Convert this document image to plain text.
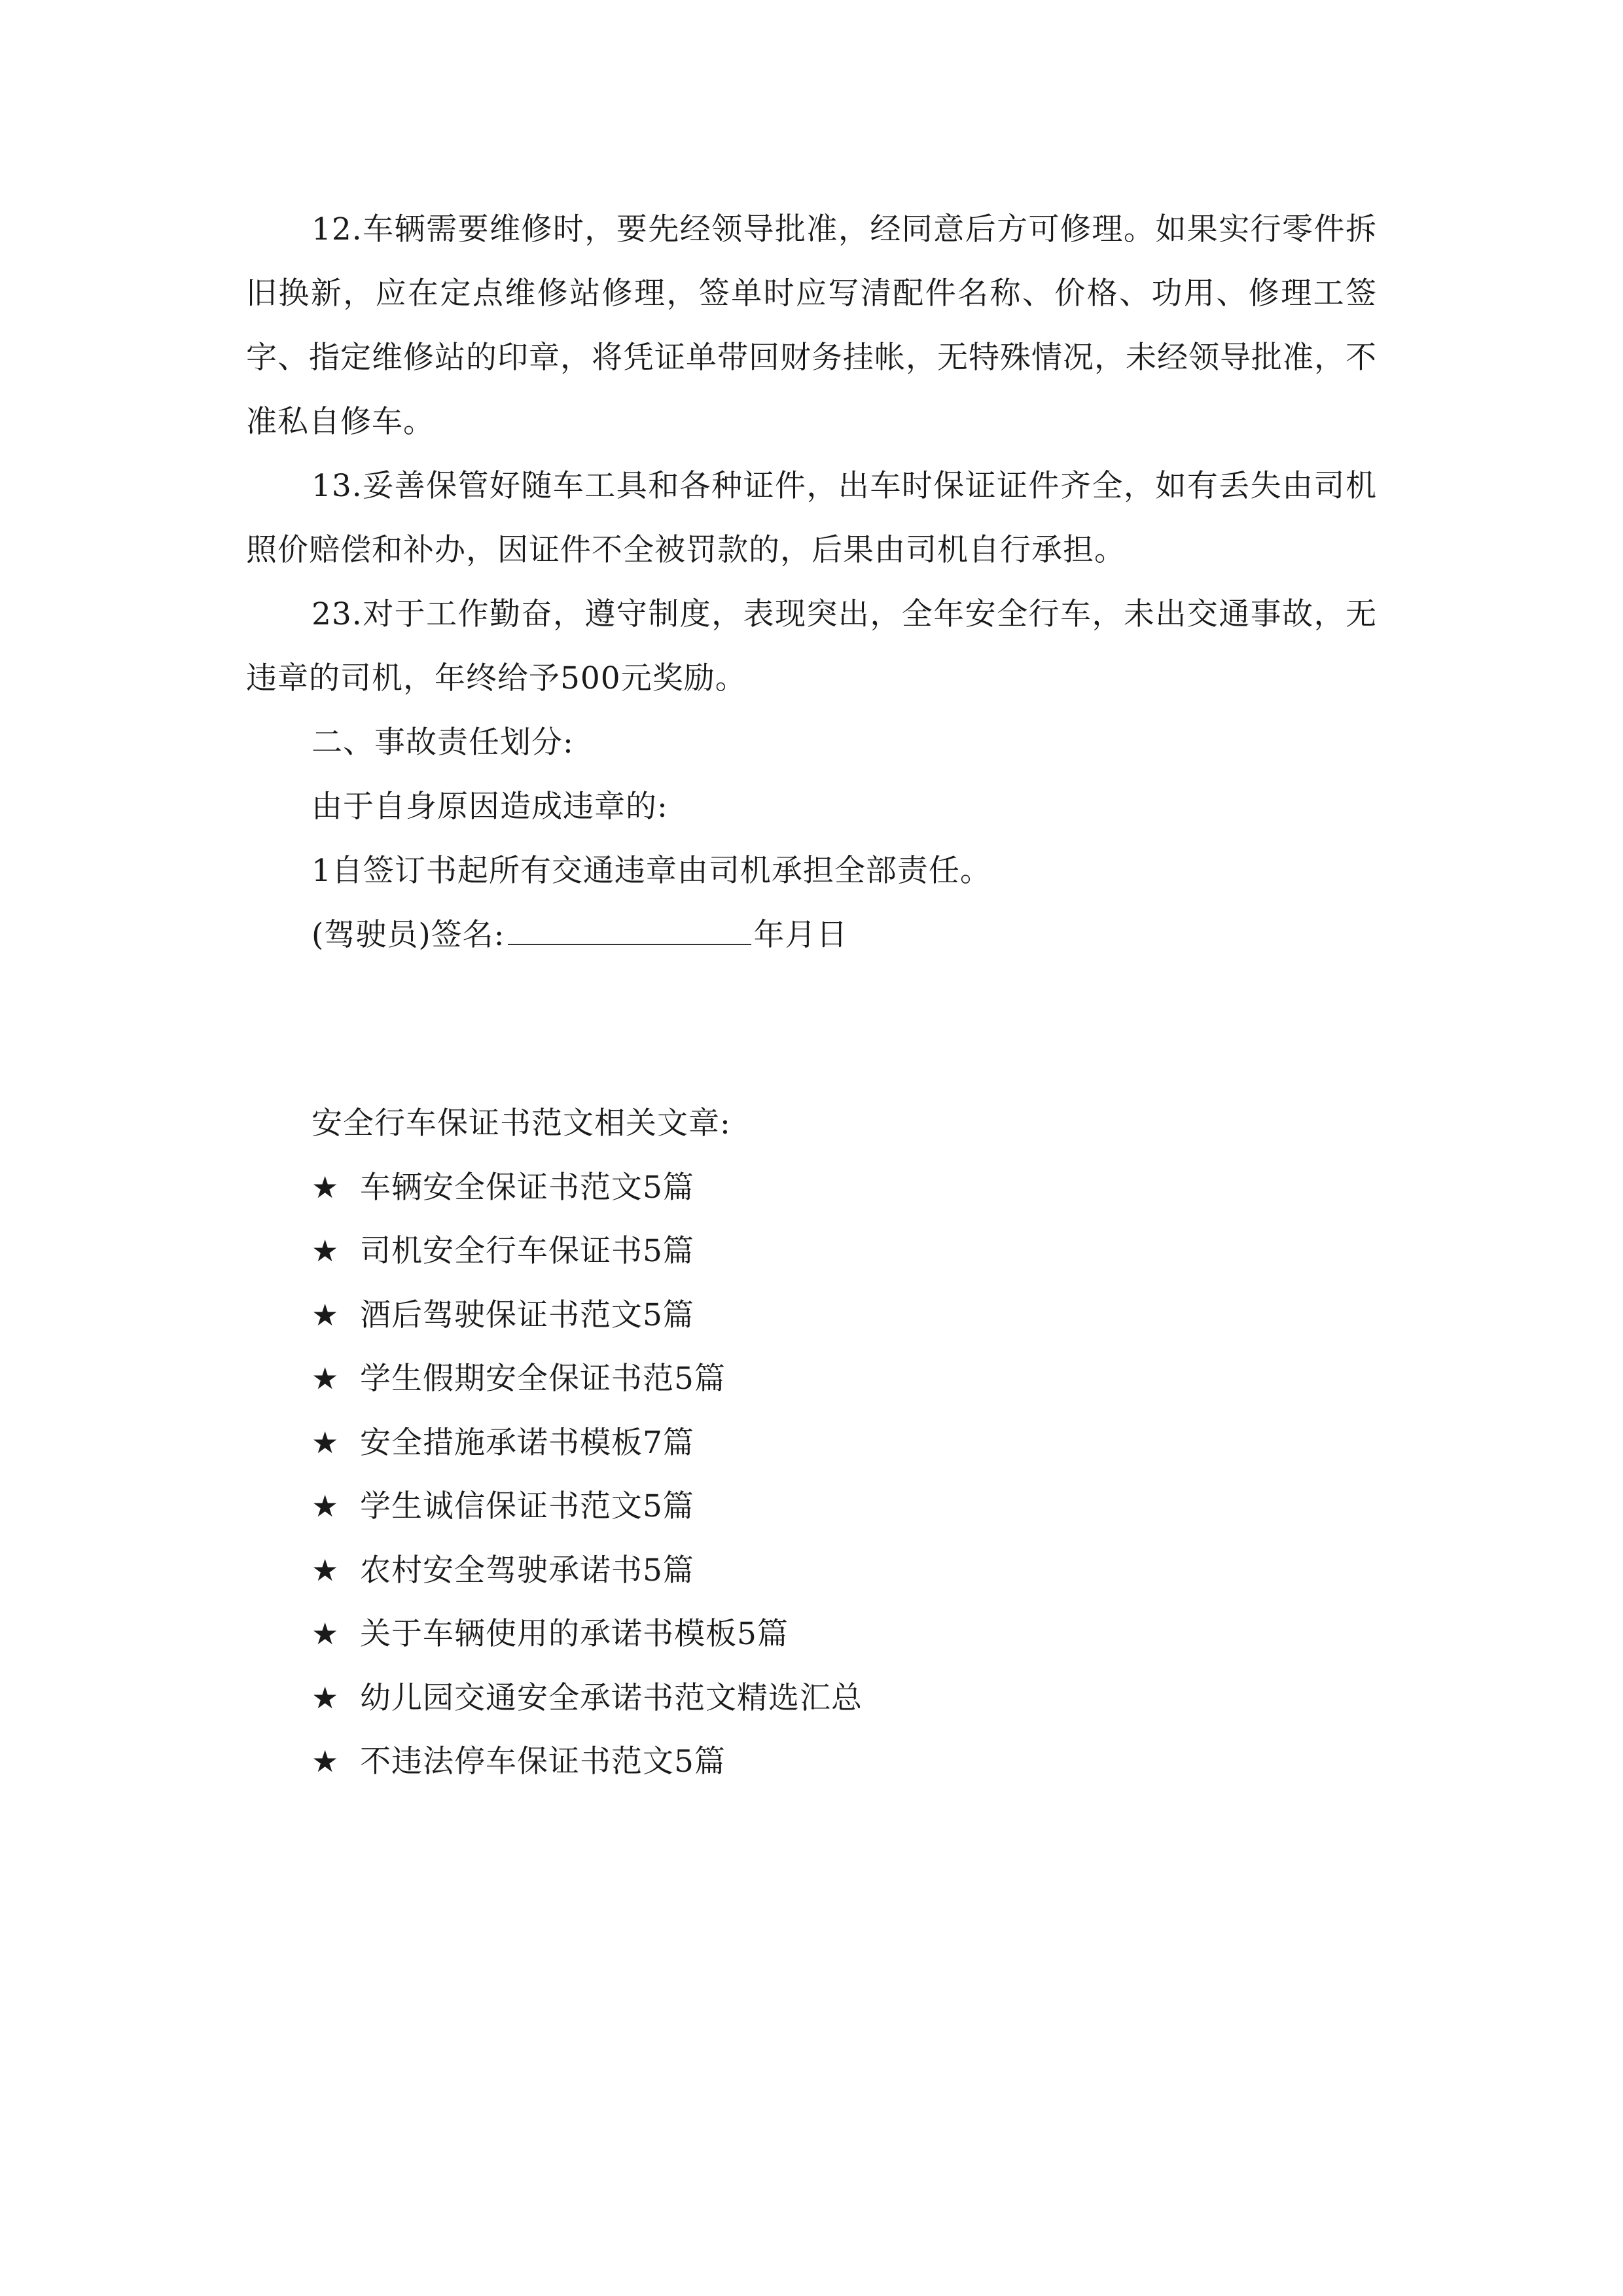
12.车辆需要维修时，要先经领导批准，经同意后方可修理。如果实行零件拆旧换新，应在定点维修站修理，签单时应写清配件名称、价格、功用、修理工签字、指定维修站的印章，将凭证单带回财务挂帐，无特殊情况，未经领导批准，不准私自修车。

13.妥善保管好随车工具和各种证件，出车时保证证件齐全，如有丢失由司机照价赔偿和补办，因证件不全被罚款的，后果由司机自行承担。

23.对于工作勤奋，遵守制度，表现突出，全年安全行车，未出交通事故，无违章的司机，年终给予500元奖励。

二、事故责任划分:

由于自身原因造成违章的:

1自签订书起所有交通违章由司机承担全部责任。

(驾驶员)签名:	年月日

安全行车保证书范文相关文章:

★ 车辆安全保证书范文5篇
★ 司机安全行车保证书5篇
★ 酒后驾驶保证书范文5篇
★ 学生假期安全保证书范5篇
★ 安全措施承诺书模板7篇
★ 学生诚信保证书范文5篇
★ 农村安全驾驶承诺书5篇
★ 关于车辆使用的承诺书模板5篇
★ 幼儿园交通安全承诺书范文精选汇总
★ 不违法停车保证书范文5篇
